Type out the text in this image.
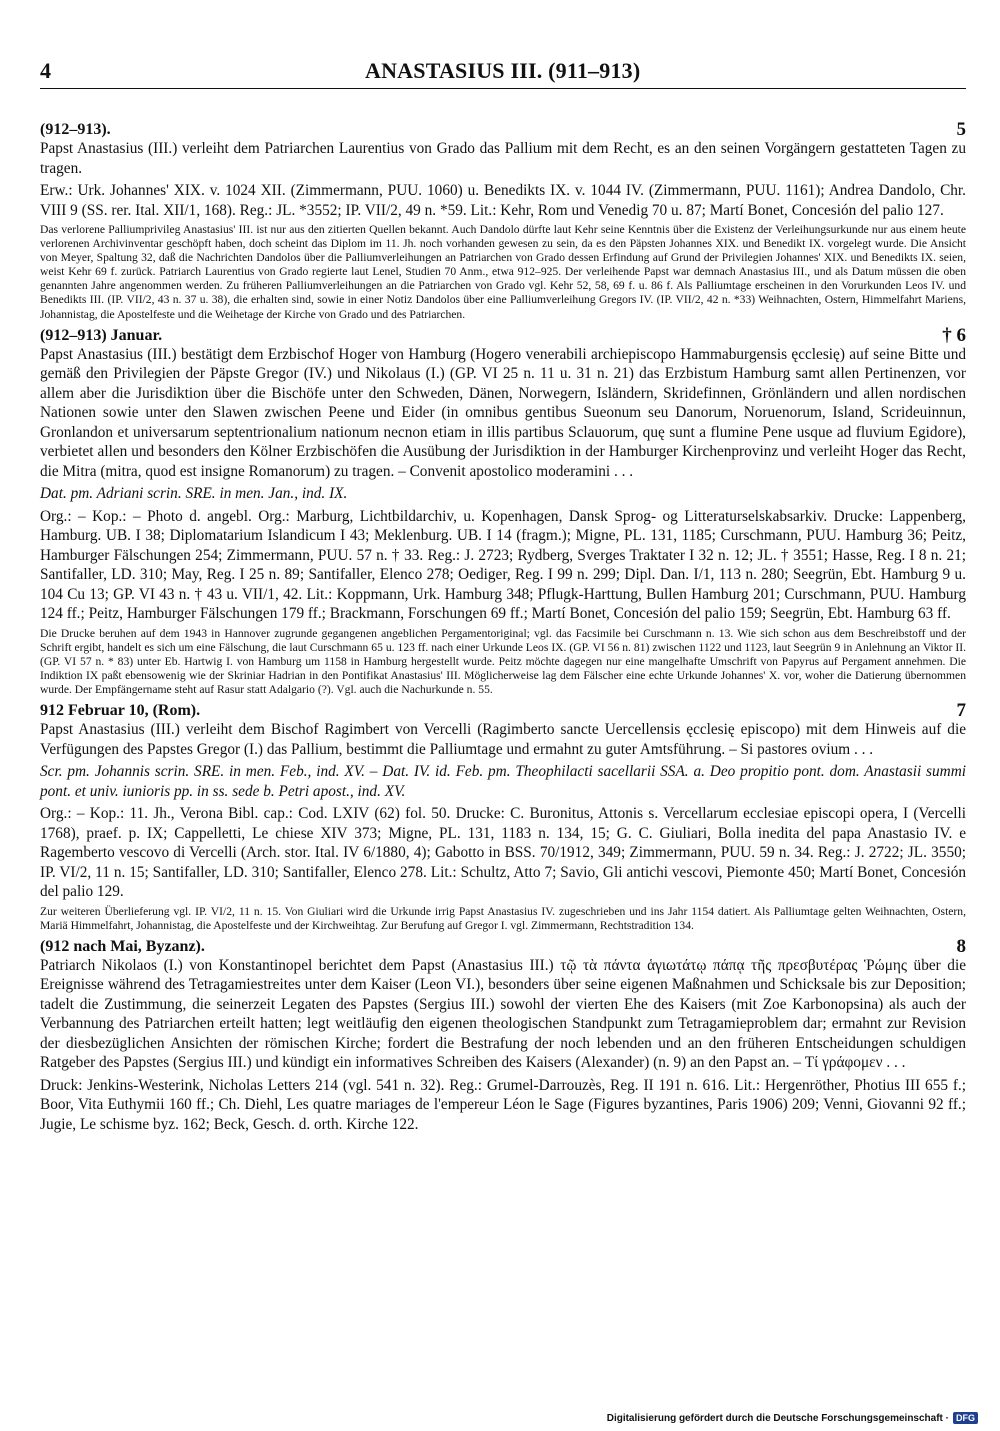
4	ANASTASIUS III. (911–913)
(912–913).	5

Papst Anastasius (III.) verleiht dem Patriarchen Laurentius von Grado das Pallium mit dem Recht, es an den seinen Vorgängern gestatteten Tagen zu tragen.

Erw.: Urk. Johannes' XIX. v. 1024 XII. (Zimmermann, PUU. 1060) u. Benedikts IX. v. 1044 IV. (Zimmermann, PUU. 1161); Andrea Dandolo, Chr. VIII 9 (SS. rer. Ital. XII/1, 168). Reg.: JL. *3552; IP. VII/2, 49 n. *59. Lit.: Kehr, Rom und Venedig 70 u. 87; Martí Bonet, Concesión del palio 127.

Das verlorene Palliumprivileg Anastasius' III. ist nur aus den zitierten Quellen bekannt. Auch Dandolo dürfte laut Kehr seine Kenntnis über die Existenz der Verleihungsurkunde nur aus einem heute verlorenen Archivinventar geschöpft haben, doch scheint das Diplom im 11. Jh. noch vorhanden gewesen zu sein, da es den Päpsten Johannes XIX. und Benedikt IX. vorgelegt wurde. Die Ansicht von Meyer, Spaltung 32, daß die Nachrichten Dandolos über die Palliumverleihungen an Patriarchen von Grado dessen Erfindung auf Grund der Privilegien Johannes' XIX. und Benedikts IX. seien, weist Kehr 69 f. zurück. Patriarch Laurentius von Grado regierte laut Lenel, Studien 70 Anm., etwa 912–925. Der verleihende Papst war demnach Anastasius III., und als Datum müssen die oben genannten Jahre angenommen werden. Zu früheren Palliumverleihungen an die Patriarchen von Grado vgl. Kehr 52, 58, 69 f. u. 86 f. Als Palliumtage erscheinen in den Vorurkunden Leos IV. und Benedikts III. (IP. VII/2, 43 n. 37 u. 38), die erhalten sind, sowie in einer Notiz Dandolos über eine Palliumverleihung Gregors IV. (IP. VII/2, 42 n. *33) Weihnachten, Ostern, Himmelfahrt Mariens, Johannistag, die Apostelfeste und die Weihetage der Kirche von Grado und des Patriarchen.

(912–913) Januar.	† 6

Papst Anastasius (III.) bestätigt dem Erzbischof Hoger von Hamburg (Hogero venerabili archiepiscopo Hammaburgensis ęcclesię) auf seine Bitte und gemäß den Privilegien der Päpste Gregor (IV.) und Nikolaus (I.) (GP. VI 25 n. 11 u. 31 n. 21) das Erzbistum Hamburg samt allen Pertinenzen, vor allem aber die Jurisdiktion über die Bischöfe unter den Schweden, Dänen, Norwegern, Isländern, Skridefinnen, Grönländern und allen nordischen Nationen sowie unter den Slawen zwischen Peene und Eider (in omnibus gentibus Sueonum seu Danorum, Noruenorum, Island, Scrideuinnun, Gronlandon et universarum septentrionalium nationum necnon etiam in illis partibus Sclauorum, quę sunt a flumine Pene usque ad fluvium Egidore), verbietet allen und besonders den Kölner Erzbischöfen die Ausübung der Jurisdiktion in der Hamburger Kirchenprovinz und verleiht Hoger das Recht, die Mitra (mitra, quod est insigne Romanorum) zu tragen. – Convenit apostolico moderamini . . .

Dat. pm. Adriani scrin. SRE. in men. Jan., ind. IX.

Org.: – Kop.: – Photo d. angebl. Org.: Marburg, Lichtbildarchiv, u. Kopenhagen, Dansk Sprog- og Litteraturselskabsarkiv. Drucke: Lappenberg, Hamburg. UB. I 38; Diplomatarium Islandicum I 43; Meklenburg. UB. I 14 (fragm.); Migne, PL. 131, 1185; Curschmann, PUU. Hamburg 36; Peitz, Hamburger Fälschungen 254; Zimmermann, PUU. 57 n. † 33. Reg.: J. 2723; Rydberg, Sverges Traktater I 32 n. 12; JL. † 3551; Hasse, Reg. I 8 n. 21; Santifaller, LD. 310; May, Reg. I 25 n. 89; Santifaller, Elenco 278; Oediger, Reg. I 99 n. 299; Dipl. Dan. I/1, 113 n. 280; Seegrün, Ebt. Hamburg 9 u. 104 Cu 13; GP. VI 43 n. † 43 u. VII/1, 42. Lit.: Koppmann, Urk. Hamburg 348; Pflugk-Harttung, Bullen Hamburg 201; Curschmann, PUU. Hamburg 124 ff.; Peitz, Hamburger Fälschungen 179 ff.; Brackmann, Forschungen 69 ff.; Martí Bonet, Concesión del palio 159; Seegrün, Ebt. Hamburg 63 ff.

Die Drucke beruhen auf dem 1943 in Hannover zugrunde gegangenen angeblichen Pergamentoriginal; vgl. das Facsimile bei Curschmann n. 13. Wie sich schon aus dem Beschreibstoff und der Schrift ergibt, handelt es sich um eine Fälschung, die laut Curschmann 65 u. 123 ff. nach einer Urkunde Leos IX. (GP. VI 56 n. 81) zwischen 1122 und 1123, laut Seegrün 9 in Anlehnung an Viktor II. (GP. VI 57 n. * 83) unter Eb. Hartwig I. von Hamburg um 1158 in Hamburg hergestellt wurde. Peitz möchte dagegen nur eine mangelhafte Umschrift von Papyrus auf Pergament annehmen. Die Indiktion IX paßt ebensowenig wie der Skriniar Hadrian in den Pontifikat Anastasius' III. Möglicherweise lag dem Fälscher eine echte Urkunde Johannes' X. vor, woher die Datierung übernommen wurde. Der Empfängername steht auf Rasur statt Adalgario (?). Vgl. auch die Nachurkunde n. 55.

912 Februar 10, (Rom).	7

Papst Anastasius (III.) verleiht dem Bischof Ragimbert von Vercelli (Ragimberto sancte Uercellensis ęcclesię episcopo) mit dem Hinweis auf die Verfügungen des Papstes Gregor (I.) das Pallium, bestimmt die Palliumtage und ermahnt zu guter Amtsführung. – Si pastores ovium . . .

Scr. pm. Johannis scrin. SRE. in men. Feb., ind. XV. – Dat. IV. id. Feb. pm. Theophilacti sacellarii SSA. a. Deo propitio pont. dom. Anastasii summi pont. et univ. iunioris pp. in ss. sede b. Petri apost., ind. XV.

Org.: – Kop.: 11. Jh., Verona Bibl. cap.: Cod. LXIV (62) fol. 50. Drucke: C. Buronitus, Attonis s. Vercellarum ecclesiae episcopi opera, I (Vercelli 1768), praef. p. IX; Cappelletti, Le chiese XIV 373; Migne, PL. 131, 1183 n. 134, 15; G. C. Giuliari, Bolla inedita del papa Anastasio IV. e Ragemberto vescovo di Vercelli (Arch. stor. Ital. IV 6/1880, 4); Gabotto in BSS. 70/1912, 349; Zimmermann, PUU. 59 n. 34. Reg.: J. 2722; JL. 3550; IP. VI/2, 11 n. 15; Santifaller, LD. 310; Santifaller, Elenco 278. Lit.: Schultz, Atto 7; Savio, Gli antichi vescovi, Piemonte 450; Martí Bonet, Concesión del palio 129.

Zur weiteren Überlieferung vgl. IP. VI/2, 11 n. 15. Von Giuliari wird die Urkunde irrig Papst Anastasius IV. zugeschrieben und ins Jahr 1154 datiert. Als Palliumtage gelten Weihnachten, Ostern, Mariä Himmelfahrt, Johannistag, die Apostelfeste und der Kirchweihtag. Zur Berufung auf Gregor I. vgl. Zimmermann, Rechtstradition 134.

(912 nach Mai, Byzanz).	8

Patriarch Nikolaos (I.) von Konstantinopel berichtet dem Papst (Anastasius III.) τῷ τὰ πάντα ἁγιωτάτῳ πάπᾳ τῆς πρεσβυτέρας Ῥώμης über die Ereignisse während des Tetragamiestreites unter dem Kaiser (Leon VI.), besonders über seine eigenen Maßnahmen und Schicksale bis zur Deposition; tadelt die Zustimmung, die seinerzeit Legaten des Papstes (Sergius III.) sowohl der vierten Ehe des Kaisers (mit Zoe Karbonopsina) als auch der Verbannung des Patriarchen erteilt hatten; legt weitläufig den eigenen theologischen Standpunkt zum Tetragamieproblem dar; ermahnt zur Revision der diesbezüglichen Ansichten der römischen Kirche; fordert die Bestrafung der noch lebenden und an den früheren Entscheidungen schuldigen Ratgeber des Papstes (Sergius III.) und kündigt ein informatives Schreiben des Kaisers (Alexander) (n. 9) an den Papst an. – Τί γράφομεν . . .

Druck: Jenkins-Westerink, Nicholas Letters 214 (vgl. 541 n. 32). Reg.: Grumel-Darrouzès, Reg. II 191 n. 616. Lit.: Hergenröther, Photius III 655 f.; Boor, Vita Euthymii 160 ff.; Ch. Diehl, Les quatre mariages de l'empereur Léon le Sage (Figures byzantines, Paris 1906) 209; Venni, Giovanni 92 ff.; Jugie, Le schisme byz. 162; Beck, Gesch. d. orth. Kirche 122.

Digitalisierung gefördert durch die Deutsche Forschungsgemeinschaft · DFG
